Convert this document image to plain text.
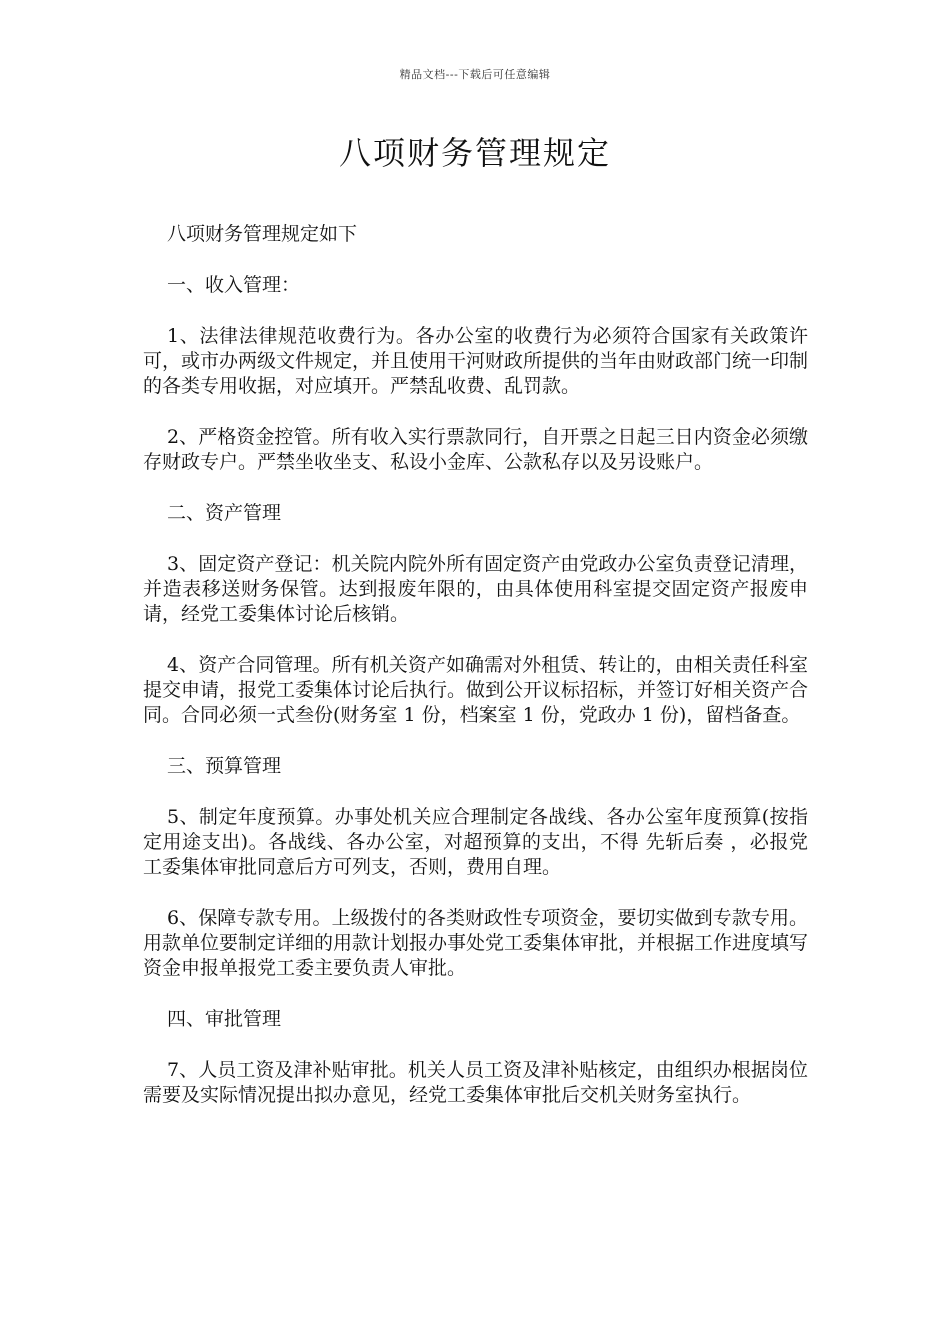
精品文档---下载后可任意编辑
八项财务管理规定

八项财务管理规定如下

一、收入管理：

1、法律法律规范收费行为。各办公室的收费行为必须符合国家有关政策许可，或市办两级文件规定，并且使用干河财政所提供的当年由财政部门统一印制的各类专用收据，对应填开。严禁乱收费、乱罚款。

2、严格资金控管。所有收入实行票款同行，自开票之日起三日内资金必须缴存财政专户。严禁坐收坐支、私设小金库、公款私存以及另设账户。

二、资产管理

3、固定资产登记：机关院内院外所有固定资产由党政办公室负责登记清理，并造表移送财务保管。达到报废年限的，由具体使用科室提交固定资产报废申请，经党工委集体讨论后核销。

4、资产合同管理。所有机关资产如确需对外租赁、转让的，由相关责任科室提交申请，报党工委集体讨论后执行。做到公开议标招标，并签订好相关资产合同。合同必须一式叁份(财务室 1 份，档案室 1 份，党政办 1 份)，留档备查。

三、预算管理

5、制定年度预算。办事处机关应合理制定各战线、各办公室年度预算(按指定用途支出)。各战线、各办公室，对超预算的支出，不得 先斩后奏 ，必报党工委集体审批同意后方可列支，否则，费用自理。

6、保障专款专用。上级拨付的各类财政性专项资金，要切实做到专款专用。用款单位要制定详细的用款计划报办事处党工委集体审批，并根据工作进度填写资金申报单报党工委主要负责人审批。

四、审批管理

7、人员工资及津补贴审批。机关人员工资及津补贴核定，由组织办根据岗位需要及实际情况提出拟办意见，经党工委集体审批后交机关财务室执行。
